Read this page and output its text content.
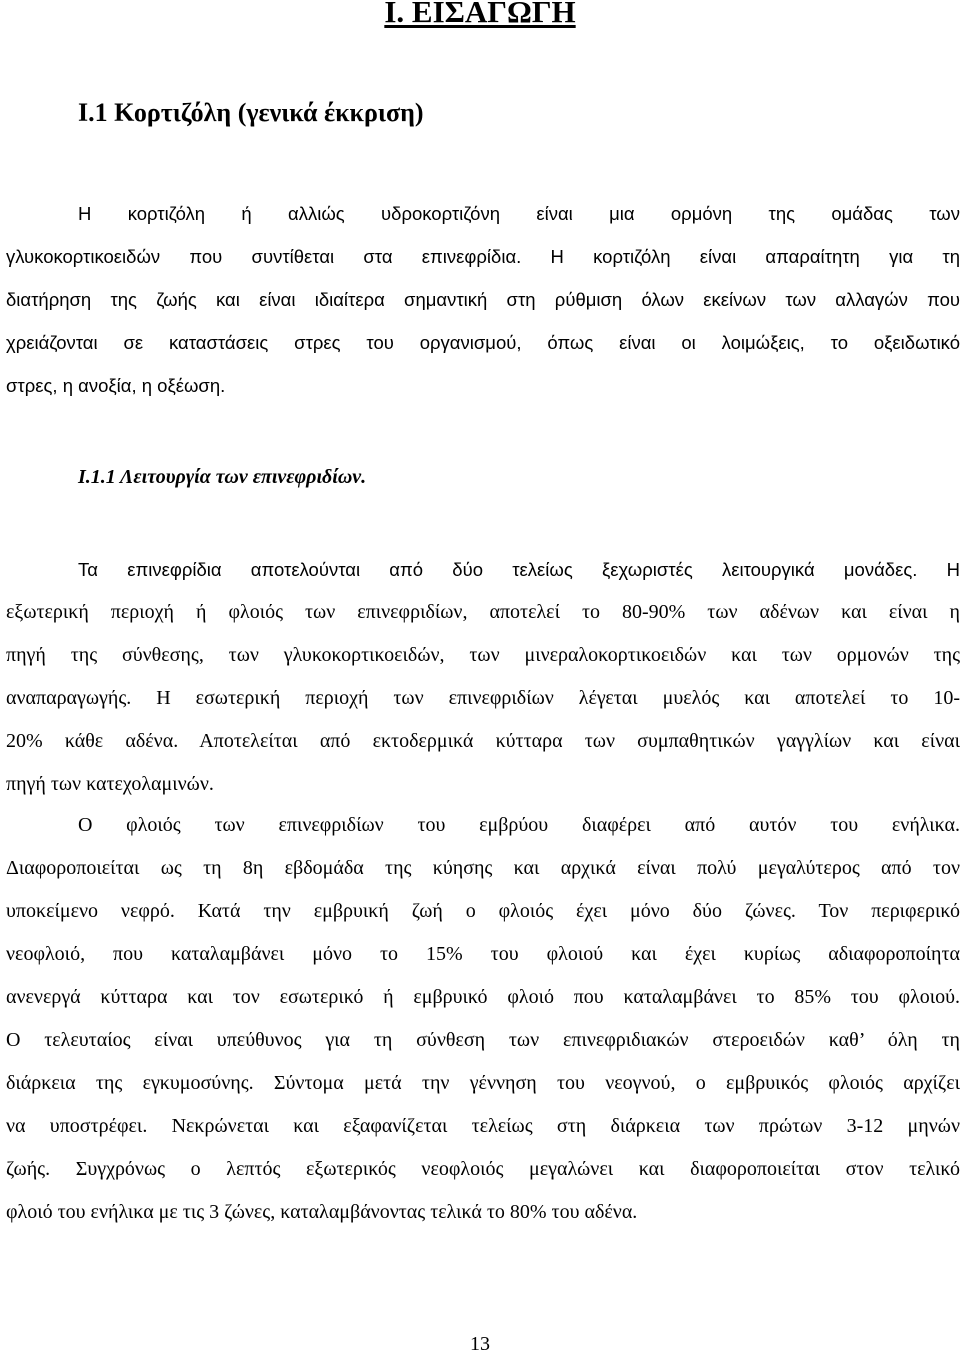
Ι. ΕΙΣΑΓΩΓΗ
Ι.1 Κορτιζόλη (γενικά έκκριση)
Η κορτιζόλη ή αλλιώς υδροκορτιζόνη είναι μια ορμόνη της ομάδας των
γλυκοκορτικοειδών που συντίθεται στα επινεφρίδια. Η κορτιζόλη είναι απαραίτητη για τη
διατήρηση της ζωής και είναι ιδιαίτερα σημαντική στη ρύθμιση όλων εκείνων των αλλαγών που
χρειάζονται σε καταστάσεις στρες του οργανισμού, όπως είναι οι λοιμώξεις, το οξειδωτικό
στρες, η ανοξία, η οξέωση.
Ι.1.1 Λειτουργία των επινεφριδίων.
Τα επινεφρίδια αποτελούνται από δύο τελείως ξεχωριστές λειτουργικά μονάδες. Η
εξωτερική περιοχή ή φλοιός των επινεφριδίων, αποτελεί το 80-90% των αδένων και είναι η
πηγή της σύνθεσης, των γλυκοκορτικοειδών, των μινεραλοκορτικοειδών και των ορμονών της
αναπαραγωγής. Η εσωτερική περιοχή των επινεφριδίων λέγεται μυελός και αποτελεί το 10-
20% κάθε αδένα. Αποτελείται από εκτοδερμικά κύτταρα των συμπαθητικών γαγγλίων και είναι
πηγή των κατεχολαμινών.
Ο φλοιός των επινεφριδίων του εμβρύου διαφέρει από αυτόν του ενήλικα.
Διαφοροποιείται ως τη 8η εβδομάδα της κύησης και αρχικά είναι πολύ μεγαλύτερος από τον
υποκείμενο νεφρό. Κατά την εμβρυική ζωή ο φλοιός έχει μόνο δύο ζώνες. Τον περιφερικό
νεοφλοιό, που καταλαμβάνει μόνο το 15% του φλοιού και έχει κυρίως αδιαφοροποίητα
ανενεργά κύτταρα και τον εσωτερικό ή εμβρυικό φλοιό που καταλαμβάνει το 85% του φλοιού.
Ο τελευταίος είναι υπεύθυνος για τη σύνθεση των επινεφριδιακών στεροειδών καθ’ όλη τη
διάρκεια της εγκυμοσύνης. Σύντομα μετά την γέννηση του νεογνού, ο εμβρυικός φλοιός αρχίζει
να υποστρέφει. Νεκρώνεται και εξαφανίζεται τελείως στη διάρκεια των πρώτων 3-12 μηνών
ζωής. Συγχρόνως ο λεπτός εξωτερικός νεοφλοιός μεγαλώνει και διαφοροποιείται στον τελικό
φλοιό του ενήλικα με τις 3 ζώνες, καταλαμβάνοντας τελικά το 80% του αδένα.
13
